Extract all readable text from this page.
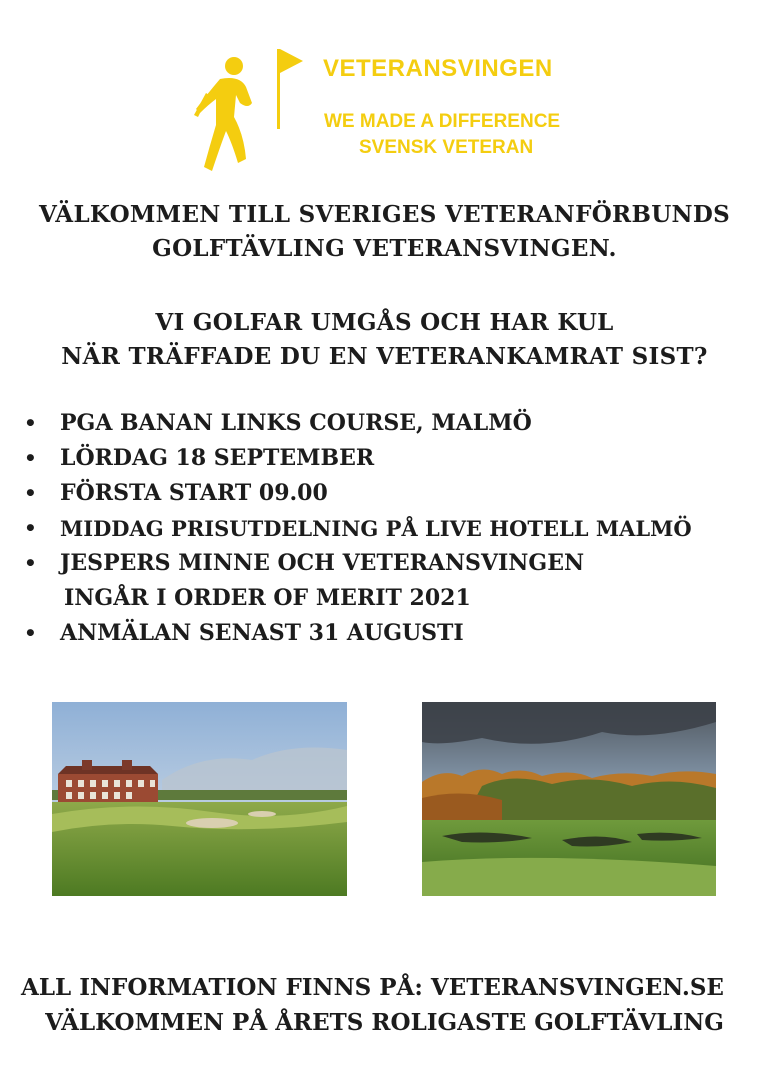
VETERANSVINGEN
WE MADE A DIFFERENCE
SVENSK VETERAN
VÄLKOMMEN TILL SVERIGES VETERANFÖRBUNDS
GOLFTÄVLING VETERANSVINGEN.
VI GOLFAR UMGÅS OCH HAR KUL
NÄR TRÄFFADE DU EN VETERANKAMRAT SIST?
• PGA BANAN LINKS COURSE, MALMÖ
• LÖRDAG 18 SEPTEMBER
• FÖRSTA START 09.00
• MIDDAG PRISUTDELNING PÅ LIVE HOTELL MALMÖ
• JESPERS MINNE OCH VETERANSVINGEN
INGÅR I ORDER OF MERIT 2021
• ANMÄLAN SENAST 31 AUGUSTI
ALL INFORMATION FINNS PÅ: VETERANSVINGEN.SE
VÄLKOMMEN PÅ ÅRETS ROLIGASTE GOLFTÄVLING
